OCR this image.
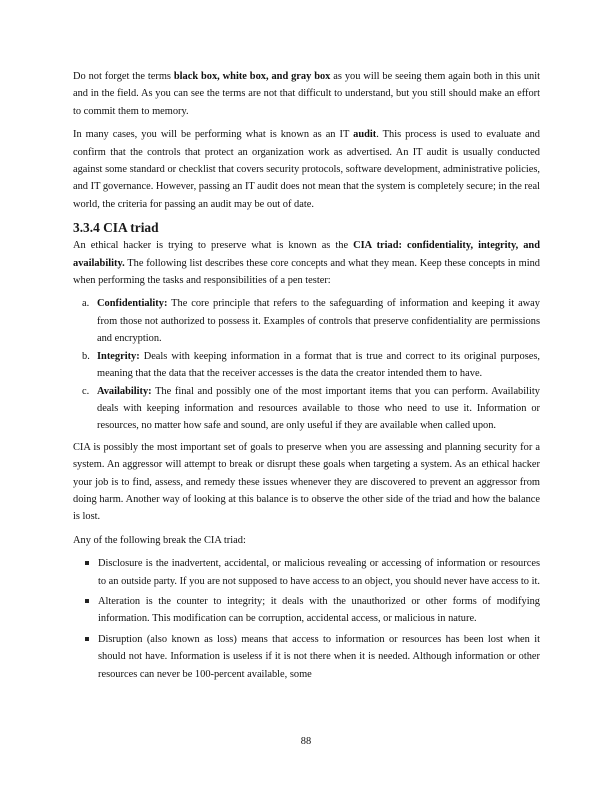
Do not forget the terms black box, white box, and gray box as you will be seeing them again both in this unit and in the field. As you can see the terms are not that difficult to understand, but you still should make an effort to commit them to memory.

In many cases, you will be performing what is known as an IT audit. This process is used to evaluate and confirm that the controls that protect an organization work as advertised. An IT audit is usually conducted against some standard or checklist that covers security protocols, software development, administrative policies, and IT governance. However, passing an IT audit does not mean that the system is completely secure; in the real world, the criteria for passing an audit may be out of date.

3.3.4 CIA triad

An ethical hacker is trying to preserve what is known as the CIA triad: confidentiality, integrity, and availability. The following list describes these core concepts and what they mean. Keep these concepts in mind when performing the tasks and responsibilities of a pen tester:

a. Confidentiality: The core principle that refers to the safeguarding of information and keeping it away from those not authorized to possess it. Examples of controls that preserve confidentiality are permissions and encryption.
b. Integrity: Deals with keeping information in a format that is true and correct to its original purposes, meaning that the data that the receiver accesses is the data the creator intended them to have.
c. Availability: The final and possibly one of the most important items that you can perform. Availability deals with keeping information and resources available to those who need to use it. Information or resources, no matter how safe and sound, are only useful if they are available when called upon.

CIA is possibly the most important set of goals to preserve when you are assessing and planning security for a system. An aggressor will attempt to break or disrupt these goals when targeting a system. As an ethical hacker your job is to find, assess, and remedy these issues whenever they are discovered to prevent an aggressor from doing harm. Another way of looking at this balance is to observe the other side of the triad and how the balance is lost.

Any of the following break the CIA triad:

Disclosure is the inadvertent, accidental, or malicious revealing or accessing of information or resources to an outside party. If you are not supposed to have access to an object, you should never have access to it.
Alteration is the counter to integrity; it deals with the unauthorized or other forms of modifying information. This modification can be corruption, accidental access, or malicious in nature.
Disruption (also known as loss) means that access to information or resources has been lost when it should not have. Information is useless if it is not there when it is needed. Although information or other resources can never be 100-percent available, some
88
